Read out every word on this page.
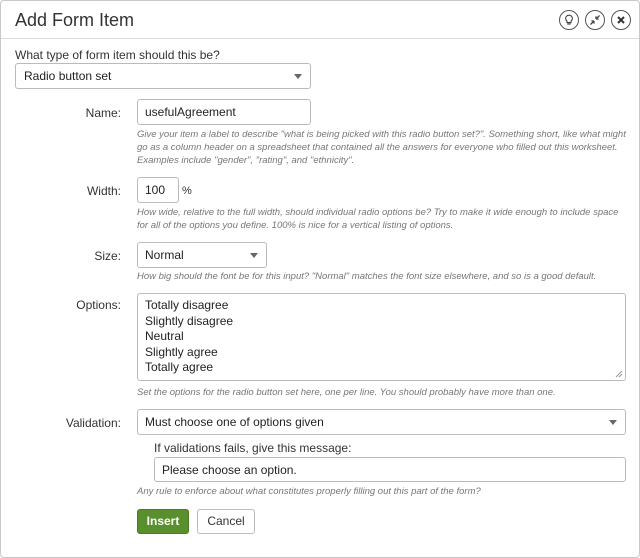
Add Form Item
What type of form item should this be?
Radio button set
Name:	usefulAgreement
Give your item a label to describe "what is being picked with this radio button set?". Something short, like what might
go as a column header on a spreadsheet that contained all the answers for everyone who filled out this worksheet.
Examples include "gender", "rating", and "ethnicity".
Width:	100	%
How wide, relative to the full width, should individual radio options be? Try to make it wide enough to include space
for all of the options you define. 100% is nice for a vertical listing of options.
Size:	Normal
How big should the font be for this input? "Normal" matches the font size elsewhere, and so is a good default.
Options: Totally disagree
Slightly disagree
Neutral
Slightly agree
Totally agree
Set the options for the radio button set here, one per line. You should probably have more than one.
Validation:	Must choose one of options given
If validations fails, give this message:
Please choose an option.
Any rule to enforce about what constitutes properly filling out this part of the form?
Insert	Cancel
